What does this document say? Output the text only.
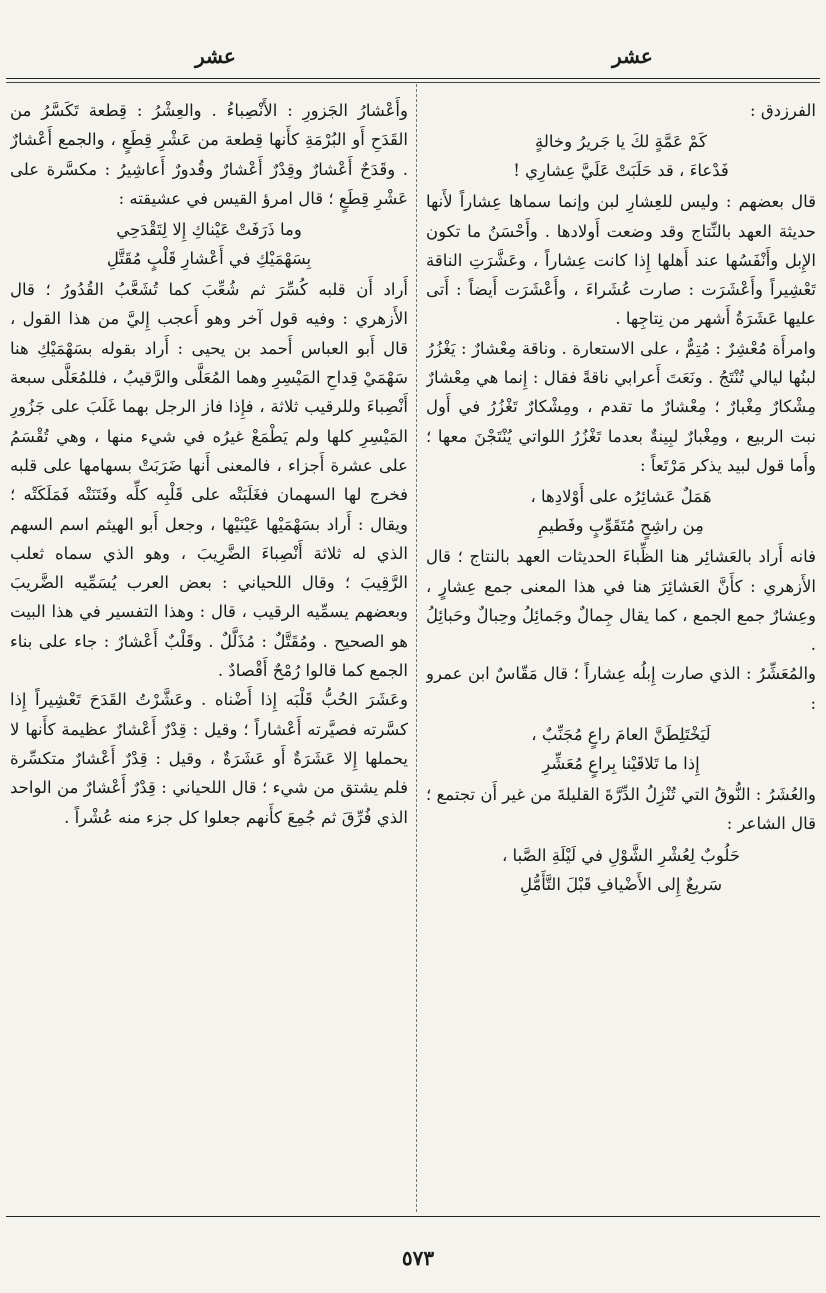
عشر
عشر

الفرزدق :

كَمْ عَمَّةٍ لكَ يا جَريرُ وخالةٍ
فَدْعاءَ ، قد حَلَبَتْ عَلَيَّ عِشارِي !

قال بعضهم : وليس للعِشارِ لبن وإنما سماها عِشاراً لأَنها حديثة العهد بالنِّتاج وقد وضعت أَولادها . وأَحْسَنُ ما تكون الإِبل وأَنْفَسُها عند أَهلها إِذا كانت عِشاراً ، وعَشَّرَتِ الناقة تَعْشِيراً وأَعْشَرَت : صارت عُشَراءَ ، وأَعْشَرَت أَيضاً : أَتى عليها عَشَرَةُ أَشهر من نِتاجِها .

وامرأَة مُعْشِرٌ : مُتِمٌّ ، على الاستعارة . وناقة مِعْشارٌ : يَغْزُرُ لبنُها ليالي تُنْتَجُ . ونَعَتَ أَعرابي ناقةً فقال : إِنما هي مِعْشارٌ مِشْكارٌ مِغْبارٌ ؛ مِعْشارٌ ما تقدم ، ومِشْكارٌ تَغْزُرُ في أَول نبت الربيع ، ومِغْبارٌ لبِينةٌ بعدما تَغْزُرُ اللواتي يُنْتَجْنَ معها ؛ وأَما قول لبيد يذكر مَرْتَعاً :

هَمَلٌ عَشائِرُه على أَوْلادِها ،
مِن راشِحٍ مُتَقَوِّبٍ وفَطيمِ

فانه أَراد بالعَشائِر هنا الظِّباءَ الحديثات العهد بالنتاج ؛ قال الأَزهري : كأَنَّ العَشائِرَ هنا في هذا المعنى جمع عِشارٍ ، وعِشارٌ جمع الجمع ، كما يقال جِمالٌ وجَمائِلُ وحِبالٌ وحَبائِلُ .

والمُعَشِّرُ : الذي صارت إِبلُه عِشاراً ؛ قال مَقّاسٌ ابن عمرو :

لَيَخْتَلِطَنَّ العامَ راعٍ مُجَنِّبٌ ،
إِذا ما تَلاقَيْنا بِراعٍ مُعَشِّرِ

والعُشَرُ : النُّوقُ التي تُنْزِلُ الدِّرَّةَ القليلةَ من غير أَن تجتمع ؛ قال الشاعر :

حَلُوبٌ لِعُشْرِ الشَّوْلِ في لَيْلَةِ الصَّبا ،
سَريعٌ إِلى الأَضْيافِ قَبْلَ التَّأَمُّلِ

وأَعْشارُ الجَزورِ : الأَنْصِباءُ . والعِشْرُ : قِطعة تَكَسَّرُ من القَدَحِ أَو البُرْمَةِ كأَنها قِطعة من عَشْرِ قِطَعٍ ، والجمع أَعْشارٌ . وقَدَحٌ أَعْشارٌ وقِدْرٌ أَعْشارٌ وقُدورٌ أَعاشِيرُ : مكسَّرة على عَشْرِ قِطَعٍ ؛ قال امرؤ القيس في عشيقته :

وما ذَرَفَتْ عَيْناكِ إِلا لِتَقْدَحِي
بِسَهْمَيْكِ في أَعْشارِ قَلْبٍ مُقَتَّلِ

أَراد أَن قلبه كُسِّرَ ثم شُعِّبَ كما تُشَعَّبُ القُدُورُ ؛ قال الأَزهري : وفيه قول آخر وهو أَعجب إِليَّ من هذا القول ، قال أَبو العباس أَحمد بن يحيى : أَراد بقوله بسَهْمَيْكِ هنا سَهْمَيْ قِداحِ المَيْسِرِ وهما المُعَلَّى والرَّقيبُ ، فللمُعَلَّى سبعة أَنْصِباءَ وللرقيب ثلاثة ، فإِذا فاز الرجل بهما غَلَبَ على جَزُورِ المَيْسِرِ كلها ولم يَطْمَعْ غيرُه في شيء منها ، وهي تُقْسَمُ على عشرة أَجزاء ، فالمعنى أَنها ضَرَبَتْ بسهامها على قلبه فخرج لها السهمان فغَلَبَتْه على قَلْبِه كلِّه وفَتَنَتْه فَمَلَكَتْه ؛ ويقال : أَراد بسَهْمَيْها عَيْنَيْها ، وجعل أَبو الهيثم اسم السهم الذي له ثلاثة أَنْصِباءَ الضَّرِيبَ ، وهو الذي سماه ثعلب الرَّقِيبَ ؛ وقال اللحياني : بعض العرب يُسَمِّيه الضَّريبَ وبعضهم يسمِّيه الرقيب ، قال : وهذا التفسير في هذا البيت هو الصحيح . ومُقَتَّلٌ : مُذَلَّلٌ . وقَلْبٌ أَعْشارٌ : جاء على بناء الجمع كما قالوا رُمْحٌ أَقْصادٌ .

وعَشَرَ الحُبُّ قَلْبَه إِذا أَضْناه . وعَشَّرْتُ القَدَحَ تَعْشِيراً إِذا كسَّرته فصيَّرته أَعْشاراً ؛ وقيل : قِدْرٌ أَعْشارٌ عظيمة كأَنها لا يحملها إِلا عَشَرَةٌ أَو عَشَرَةٌ ، وقيل : قِدْرٌ أَعْشارٌ متكسِّرة فلم يشتق من شيء ؛ قال اللحياني : قِدْرٌ أَعْشارٌ من الواحد الذي فُرِّقَ ثم جُمِعَ كأَنهم جعلوا كل جزء منه عُشْراً .

٥٧٣
